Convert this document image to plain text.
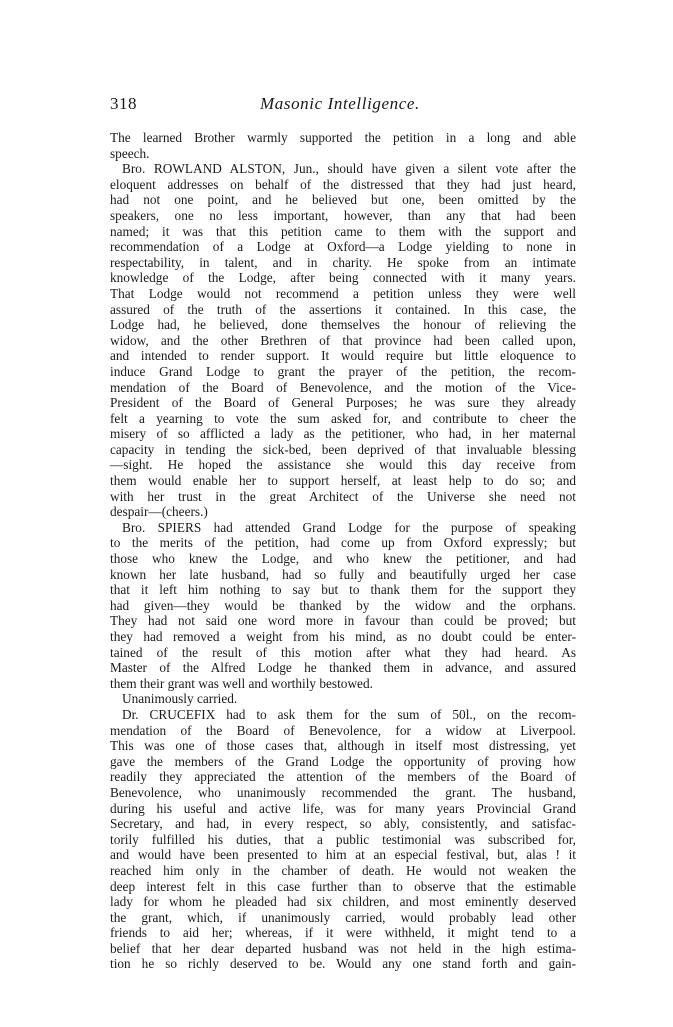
318	Masonic Intelligence.
The learned Brother warmly supported the petition in a long and able
speech.
Bro. ROWLAND ALSTON, Jun., should have given a silent vote after the
eloquent addresses on behalf of the distressed that they had just heard,
had not one point, and he believed but one, been omitted by the
speakers, one no less important, however, than any that had been
named; it was that this petition came to them with the support and
recommendation of a Lodge at Oxford—a Lodge yielding to none in
respectability, in talent, and in charity. He spoke from an intimate
knowledge of the Lodge, after being connected with it many years.
That Lodge would not recommend a petition unless they were well
assured of the truth of the assertions it contained. In this case, the
Lodge had, he believed, done themselves the honour of relieving the
widow, and the other Brethren of that province had been called upon,
and intended to render support. It would require but little eloquence to
induce Grand Lodge to grant the prayer of the petition, the recom-
mendation of the Board of Benevolence, and the motion of the Vice-
President of the Board of General Purposes; he was sure they already
felt a yearning to vote the sum asked for, and contribute to cheer the
misery of so afflicted a lady as the petitioner, who had, in her maternal
capacity in tending the sick-bed, been deprived of that invaluable blessing
—sight. He hoped the assistance she would this day receive from
them would enable her to support herself, at least help to do so; and
with her trust in the great Architect of the Universe she need not
despair—(cheers.)
Bro. SPIERS had attended Grand Lodge for the purpose of speaking
to the merits of the petition, had come up from Oxford expressly; but
those who knew the Lodge, and who knew the petitioner, and had
known her late husband, had so fully and beautifully urged her case
that it left him nothing to say but to thank them for the support they
had given—they would be thanked by the widow and the orphans.
They had not said one word more in favour than could be proved; but
they had removed a weight from his mind, as no doubt could be enter-
tained of the result of this motion after what they had heard. As
Master of the Alfred Lodge he thanked them in advance, and assured
them their grant was well and worthily bestowed.
Unanimously carried.
Dr. CRUCEFIX had to ask them for the sum of 50l., on the recom-
mendation of the Board of Benevolence, for a widow at Liverpool.
This was one of those cases that, although in itself most distressing, yet
gave the members of the Grand Lodge the opportunity of proving how
readily they appreciated the attention of the members of the Board of
Benevolence, who unanimously recommended the grant. The husband,
during his useful and active life, was for many years Provincial Grand
Secretary, and had, in every respect, so ably, consistently, and satisfac-
torily fulfilled his duties, that a public testimonial was subscribed for,
and would have been presented to him at an especial festival, but, alas ! it
reached him only in the chamber of death. He would not weaken the
deep interest felt in this case further than to observe that the estimable
lady for whom he pleaded had six children, and most eminently deserved
the grant, which, if unanimously carried, would probably lead other
friends to aid her; whereas, if it were withheld, it might tend to a
belief that her dear departed husband was not held in the high estima-
tion he so richly deserved to be. Would any one stand forth and gain-
